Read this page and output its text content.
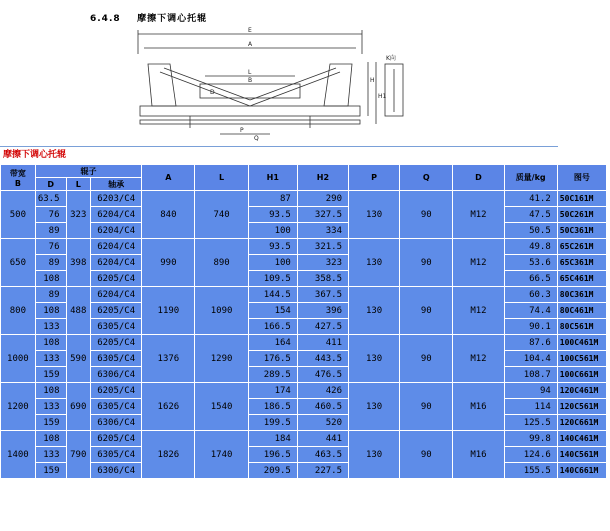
6.4.8 摩擦下调心托辊
E
A
L
B	H
H1
D
P
Q
K向
摩擦下调心托辊
带宽
B	辊子			A	L	H1	H2	P	Q	D	质量/kg	图号
	D	L	轴承									
500	63.5	323	6203/C4	840	740	87	290	130	90	M12	41.2	50C161M
	76		6204/C4			93.5	327.5				47.5	50C261M
	89		6204/C4			100	334				50.5	50C361M
650	76	398	6204/C4	990	890	93.5	321.5	130	90	M12	49.8	65C261M
	89		6204/C4			100	323				53.6	65C361M
	108		6205/C4			109.5	358.5				66.5	65C461M
800	89	488	6204/C4	1190	1090	144.5	367.5	130	90	M12	60.3	80C361M
	108		6205/C4			154	396				74.4	80C461M
	133		6305/C4			166.5	427.5				90.1	80C561M
1000	108	590	6205/C4	1376	1290	164	411	130	90	M12	87.6	100C461M
	133		6305/C4			176.5	443.5				104.4	100C561M
	159		6306/C4			289.5	476.5				108.7	100C661M
1200	108	690	6205/C4	1626	1540	174	426	130	90	M16	94	120C461M
	133		6305/C4			186.5	460.5				114	120C561M
	159		6306/C4			199.5	520				125.5	120C661M
1400	108	790	6205/C4	1826	1740	184	441	130	90	M16	99.8	140C461M
	133		6305/C4			196.5	463.5				124.6	140C561M
	159		6306/C4			209.5	227.5				155.5	140C661M
